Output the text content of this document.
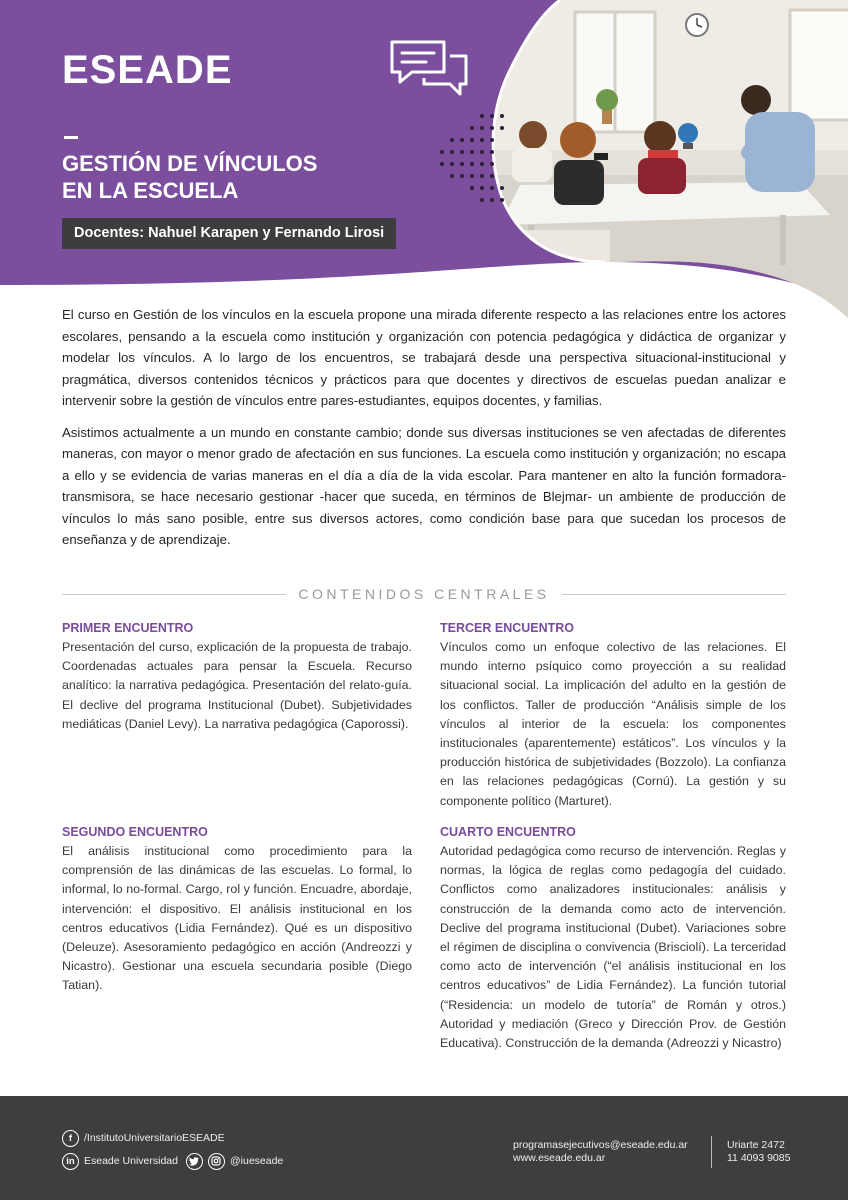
ESEADE
GESTIÓN DE VÍNCULOS
EN LA ESCUELA
Docentes: Nahuel Karapen y Fernando Lirosi

El curso en Gestión de los vínculos en la escuela propone una mirada diferente respecto a las relaciones entre los actores escolares, pensando a la escuela como institución y organización con potencia pedagógica y didáctica de organizar y modelar los vínculos. A lo largo de los encuentros, se trabajará desde una perspectiva situacional-institucional y pragmática, diversos contenidos técnicos y prácticos para que docentes y directivos de escuelas puedan analizar e intervenir sobre la gestión de vínculos entre pares-estudiantes, equipos docentes, y familias.

Asistimos actualmente a un mundo en constante cambio; donde sus diversas instituciones se ven afectadas de diferentes maneras, con mayor o menor grado de afectación en sus funciones. La escuela como institución y organización; no escapa a ello y se evidencia de varias maneras en el día a día de la vida escolar. Para mantener en alto la función formadora-transmisora, se hace necesario gestionar -hacer que suceda, en términos de Blejmar- un ambiente de producción de vínculos lo más sano posible, entre sus diversos actores, como condición base para que sucedan los procesos de enseñanza y de aprendizaje.

CONTENIDOS CENTRALES
PRIMER ENCUENTRO

Presentación del curso, explicación de la propuesta de trabajo. Coordenadas actuales para pensar la Escuela. Recurso analítico: la narrativa pedagógica. Presentación del relato-guía. El declive del programa Institucional (Dubet). Subjetividades mediáticas (Daniel Levy). La narrativa pedagógica (Caporossi).

TERCER ENCUENTRO

Vínculos como un enfoque colectivo de las relaciones. El mundo interno psíquico como proyección a su realidad situacional social. La implicación del adulto en la gestión de los conflictos. Taller de producción “Análisis simple de los vínculos al interior de la escuela: los componentes institucionales (aparentemente) estáticos”. Los vínculos y la producción histórica de subjetividades (Bozzolo). La confianza en las relaciones pedagógicas (Cornú). La gestión y su componente político (Marturet).

SEGUNDO ENCUENTRO

El análisis institucional como procedimiento para la comprensión de las dinámicas de las escuelas. Lo formal, lo informal, lo no-formal. Cargo, rol y función. Encuadre, abordaje, intervención: el dispositivo. El análisis institucional en los centros educativos (Lidia Fernández). Qué es un dispositivo (Deleuze). Asesoramiento pedagógico en acción (Andreozzi y Nicastro). Gestionar una escuela secundaria posible (Diego Tatian).

CUARTO ENCUENTRO

Autoridad pedagógica como recurso de intervención. Reglas y normas, la lógica de reglas como pedagogía del cuidado. Conflictos como analizadores institucionales: análisis y construcción de la demanda como acto de intervención. Declive del programa institucional (Dubet). Variaciones sobre el régimen de disciplina o convivencia (Brisciolí). La terceridad como acto de intervención (“el análisis institucional en los centros educativos” de Lidia Fernández). La función tutorial (“Residencia: un modelo de tutoría” de Román y otros.) Autoridad y mediación (Greco y Dirección Prov. de Gestión Educativa). Construcción de la demanda (Adreozzi y Nicastro)

f	/InstitutoUniversitarioESEADE
in Eseade Universidad	@iueseade
programasejecutivos@eseade.edu.ar
www.eseade.edu.ar
Uriarte 2472
11 4093 9085
